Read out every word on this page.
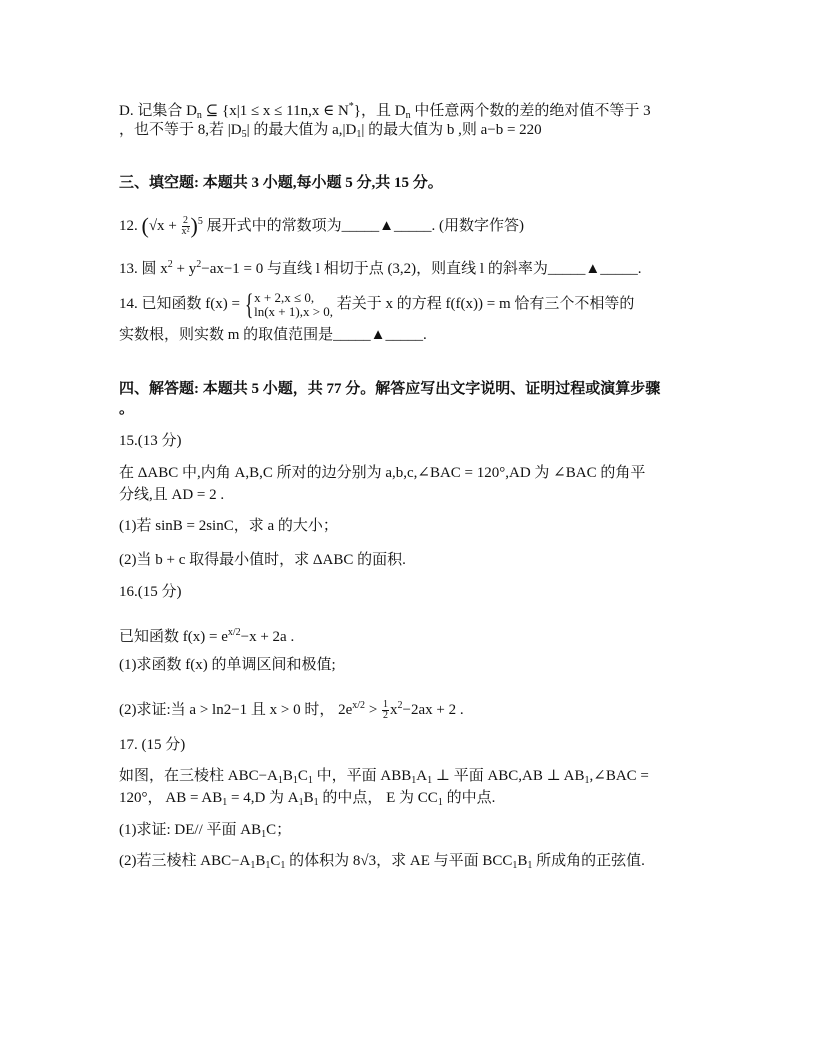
D. 记集合 $D_n$ ⊆ {x|1 ≤ x ≤ 11n,x ∈ N*}，且 $D_n$ 中任意两个数的差的绝对值不等于 3
，也不等于 8,若 $|D_5|$ 的最大值为 $a,|D_1|$ 的最大值为 b ,则 a−b = 220
三、填空题: 本题共 3 小题,每小题 5 分,共 15 分。
12. $(√x + \frac{2}{\text{x²}} )^5$ 展开式中的常数项为_____▲_____. (用数字作答)
13. 圆 $x^2 + y^2-ax-1 = 0$ 与直线 l 相切于点 (3,2)，则直线 l 的斜率为_____▲_____.
14. 已知函数 f(x) = { x + 2,x ≤ 0,
ln(x + 1),x > 0, 若关于 x 的方程 f(f(x)) = m 恰有三个不相等的
实数根，则实数 m 的取值范围是_____▲_____.
四、解答题: 本题共 5 小题，共 77 分。解答应写出文字说明、证明过程或演算步骤
。
15.(13 分)
在 ΔABC 中,内角 A,B,C 所对的边分别为 a,b,c,∠BAC = 120°,AD 为 ∠BAC 的角平
分线,且 AD = 2 .
(1)若 sinB = 2sinC，求 a 的大小；
(2)当 b + c 取得最小值时，求 ΔABC 的面积.
16.(15 分)
已知函数 $f(x) = e^{x/2}-x + 2a$ .
(1)求函数 f(x) 的单调区间和极值;
(2)求证:当 a > ln2−1 且 x > 0 时， $2e^{x/2} > \frac{1}{2} x^2-2ax + 2$ .
17. (15 分)
如图，在三棱柱 $ABC-A_1B_1C_1$ 中，平面 $ABB_1A_1$ ⊥ 平面 ABC,AB ⊥ $AB_1,\angle BAC$ =
120°， AB = $AB_1 = 4,D$ 为 $A_1B_1$ 的中点， E 为 $CC_1$ 的中点.
(1)求证: DE// 平面 $AB_1C$；
(2)若三棱柱 $ABC-A_1B_1C_1$ 的体积为 8√3，求 AE 与平面 $BCC_1B_1$ 所成角的正弦值.
